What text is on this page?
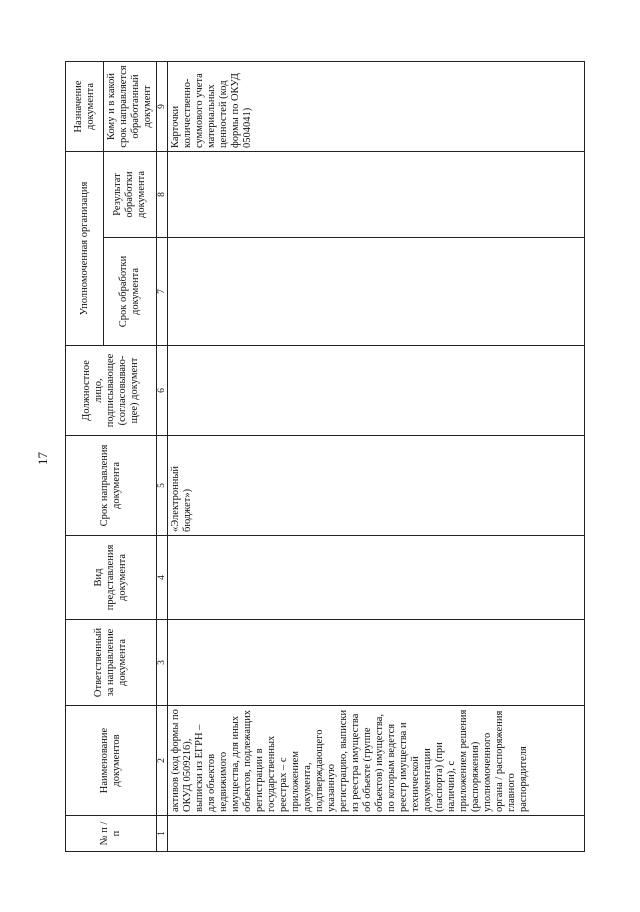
17
№ п / п	Наименование документов	Ответственный за направление документа	Вид представления документа	Срок направления документа	Должностное лицо, подписывающее (согласовываю-щее) документ	Уполномоченная организация		Назначение документа
						Срок обработки документа	Результат обработки документа	Кому и в какой срок направляется обработанный документ
1	2	3	4	5	6	7	8	9
	активов (код формы по ОКУД 0509216), выписки из ЕГРН – для объектов недвижимого имущества, для иных объектов, подлежащих регистрации в государственных реестрах – с приложением документа, подтверждающего указанную регистрацию, выписки из реестра имущества об объекте (группе объектов) имущества, по которым ведется реестр имущества и технической документации (паспорта) (при наличии), с приложением решения (распоряжения) уполномоченного органа / распоряжения главного распорядителя			«Электронный бюджет»)				Карточки количественно-суммового учета материальных ценностей (код формы по ОКУД 0504041)
